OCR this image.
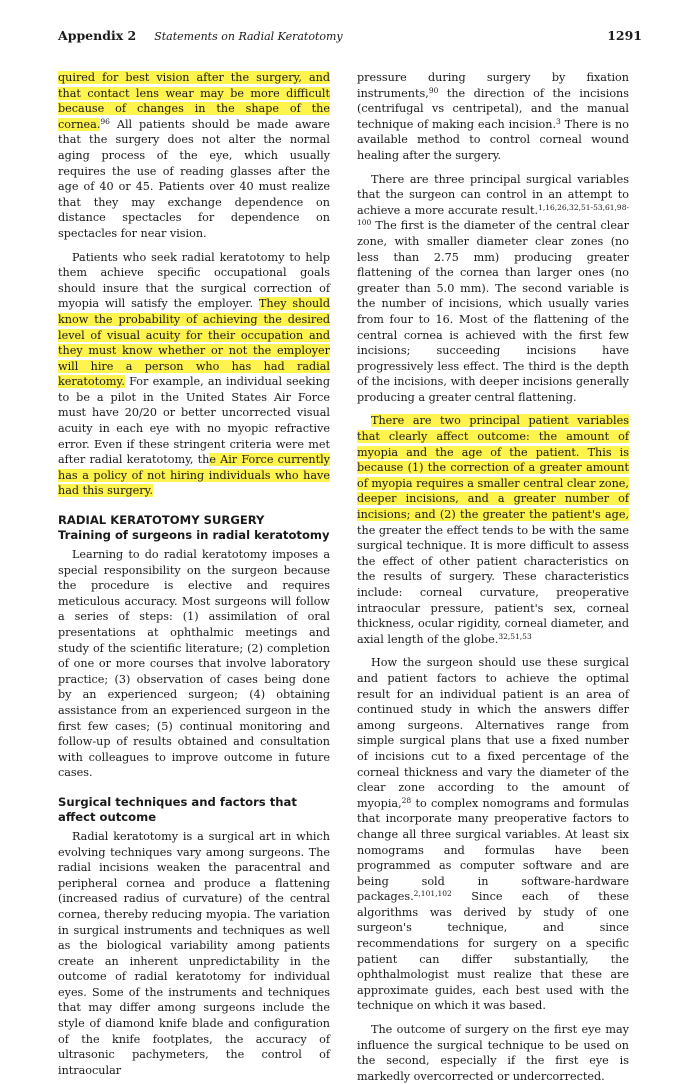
Appendix 2 Statements on Radial Keratotomy	1291

quired for best vision after the surgery, and that contact lens wear may be more difficult because of changes in the shape of the cornea.$^{96}$ All patients should be made aware that the surgery does not alter the normal aging process of the eye, which usually requires the use of reading glasses after the age of 40 or 45. Patients over 40 must realize that they may exchange dependence on distance spectacles for dependence on spectacles for near vision.

Patients who seek radial keratotomy to help them achieve specific occupational goals should insure that the surgical correction of myopia will satisfy the employer. They should know the probability of achieving the desired level of visual acuity for their occupation and they must know whether or not the employer will hire a person who has had radial keratotomy. For example, an individual seeking to be a pilot in the United States Air Force must have 20/20 or better uncorrected visual acuity in each eye with no myopic refractive error. Even if these stringent criteria were met after radial keratotomy, the Air Force currently has a policy of not hiring individuals who have had this surgery.

RADIAL KERATOTOMY SURGERY
Training of surgeons in radial keratotomy

Learning to do radial keratotomy imposes a special responsibility on the surgeon because the procedure is elective and requires meticulous accuracy. Most surgeons will follow a series of steps: (1) assimilation of oral presentations at ophthalmic meetings and study of the scientific literature; (2) completion of one or more courses that involve laboratory practice; (3) observation of cases being done by an experienced surgeon; (4) obtaining assistance from an experienced surgeon in the first few cases; (5) continual monitoring and follow-up of results obtained and consultation with colleagues to improve outcome in future cases.

Surgical techniques and factors that
affect outcome

Radial keratotomy is a surgical art in which evolving techniques vary among surgeons. The radial incisions weaken the paracentral and peripheral cornea and produce a flattening (increased radius of curvature) of the central cornea, thereby reducing myopia. The variation in surgical instruments and techniques as well as the biological variability among patients create an inherent unpredictability in the outcome of radial keratotomy for individual eyes. Some of the instruments and techniques that may differ among surgeons include the style of diamond knife blade and configuration of the knife footplates, the accuracy of ultrasonic pachymeters, the control of intraocular

pressure during surgery by fixation instruments,$^{90}$ the direction of the incisions (centrifugal vs centripetal), and the manual technique of making each incision.$^3$ There is no available method to control corneal wound healing after the surgery.

There are three principal surgical variables that the surgeon can control in an attempt to achieve a more accurate result.$^{1,16,26,32,51-53,61,98-100}$ The first is the diameter of the central clear zone, with smaller diameter clear zones (no less than 2.75 mm) producing greater flattening of the cornea than larger ones (no greater than 5.0 mm). The second variable is the number of incisions, which usually varies from four to 16. Most of the flattening of the central cornea is achieved with the first few incisions; succeeding incisions have progressively less effect. The third is the depth of the incisions, with deeper incisions generally producing a greater central flattening.

There are two principal patient variables that clearly affect outcome: the amount of myopia and the age of the patient. This is because (1) the correction of a greater amount of myopia requires a smaller central clear zone, deeper incisions, and a greater number of incisions; and (2) the greater the patient's age, the greater the effect tends to be with the same surgical technique. It is more difficult to assess the effect of other patient characteristics on the results of surgery. These characteristics include: corneal curvature, preoperative intraocular pressure, patient's sex, corneal thickness, ocular rigidity, corneal diameter, and axial length of the globe.$^{32,51,53}$

How the surgeon should use these surgical and patient factors to achieve the optimal result for an individual patient is an area of continued study in which the answers differ among surgeons. Alternatives range from simple surgical plans that use a fixed number of incisions cut to a fixed percentage of the corneal thickness and vary the diameter of the clear zone according to the amount of myopia,$^{28}$ to complex nomograms and formulas that incorporate many preoperative factors to change all three surgical variables. At least six nomograms and formulas have been programmed as computer software and are being sold in software-hardware packages.$^{2,101,102}$ Since each of these algorithms was derived by study of one surgeon's technique, and since recommendations for surgery on a specific patient can differ substantially, the ophthalmologist must realize that these are approximate guides, each best used with the technique on which it was based.

The outcome of surgery on the first eye may influence the surgical technique to be used on the second, especially if the first eye is markedly overcorrected or undercorrected.
